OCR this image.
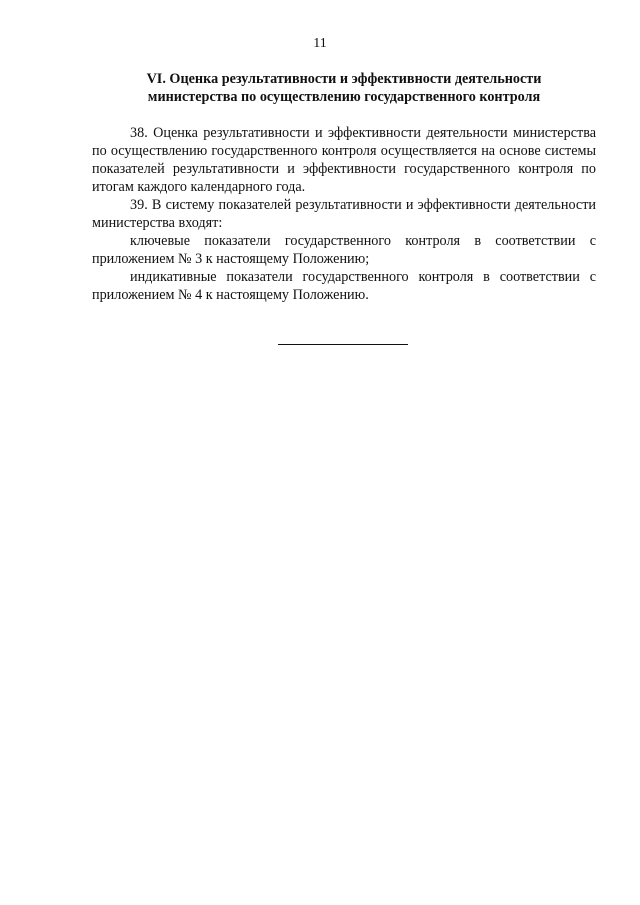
11
VI. Оценка результативности и эффективности деятельности
министерства по осуществлению государственного контроля

38. Оценка результативности и эффективности деятельности министерства по осуществлению государственного контроля осуществляется на основе системы показателей результативности и эффективности государственного контроля по итогам каждого календарного года.

39. В систему показателей результативности и эффективности деятельности министерства входят:

ключевые показатели государственного контроля в соответствии с приложением № 3 к настоящему Положению;

индикативные показатели государственного контроля в соответствии с приложением № 4 к настоящему Положению.
